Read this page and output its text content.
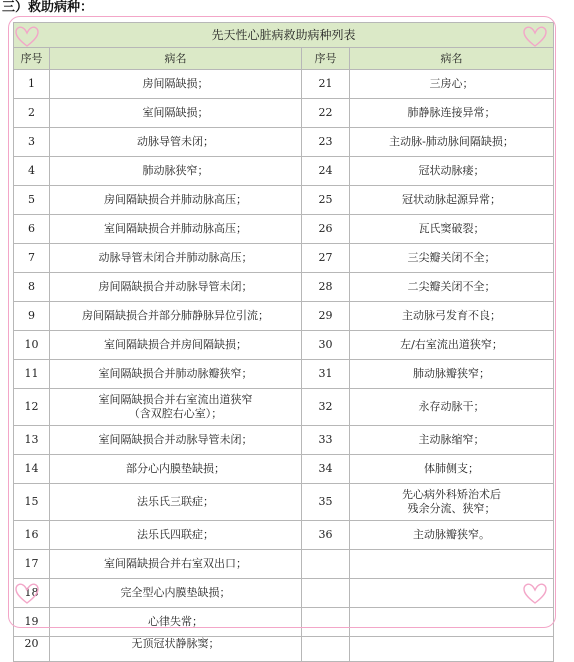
三）救助病种：
先天性心脏病救助病种列表			
序号	病名	序号	病名
1	房间隔缺损；	21	三房心；
2	室间隔缺损；	22	肺静脉连接异常；
3	动脉导管未闭；	23	主动脉-肺动脉间隔缺损；
4	肺动脉狭窄；	24	冠状动脉瘘；
5	房间隔缺损合并肺动脉高压；	25	冠状动脉起源异常；
6	室间隔缺损合并肺动脉高压；	26	瓦氏窦破裂；
7	动脉导管未闭合并肺动脉高压；	27	三尖瓣关闭不全；
8	房间隔缺损合并动脉导管未闭；	28	二尖瓣关闭不全；
9	房间隔缺损合并部分肺静脉异位引流；	29	主动脉弓发育不良；
10	室间隔缺损合并房间隔缺损；	30	左/右室流出道狭窄；
11	室间隔缺损合并肺动脉瓣狭窄；	31	肺动脉瓣狭窄；
12	室间隔缺损合并右室流出道狭窄
（含双腔右心室）；	32	永存动脉干；
13	室间隔缺损合并动脉导管未闭；	33	主动脉缩窄；
14	部分心内膜垫缺损；	34	体肺侧支；
15	法乐氏三联症；	35	先心病外科矫治术后
残余分流、狭窄；
16	法乐氏四联症；	36	主动脉瓣狭窄。
17	室间隔缺损合并右室双出口；		
18	完全型心内膜垫缺损；		
19	心律失常；		
20	无顶冠状静脉窦；		
